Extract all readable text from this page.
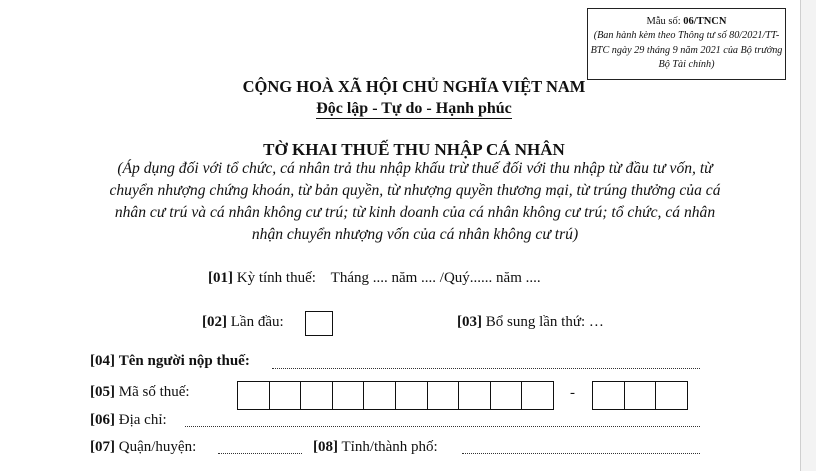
Mẫu số: 06/TNCN
(Ban hành kèm theo Thông tư số 80/2021/TT-BTC ngày 29 tháng 9 năm 2021 của Bộ trưởng Bộ Tài chính)
CỘNG HOÀ XÃ HỘI CHỦ NGHĨA VIỆT NAM
Độc lập - Tự do - Hạnh phúc
TỜ KHAI THUẾ THU NHẬP CÁ NHÂN
(Áp dụng đối với tổ chức, cá nhân trả thu nhập khấu trừ thuế đối với thu nhập từ đầu tư vốn, từ chuyển nhượng chứng khoán, từ bản quyền, từ nhượng quyền thương mại, từ trúng thưởng của cá nhân cư trú và cá nhân không cư trú; từ kinh doanh của cá nhân không cư trú; tổ chức, cá nhân nhận chuyển nhượng vốn của cá nhân không cư trú)
[01] Kỳ tính thuế: Tháng .... năm .... /Quý...... năm ....
[02] Lần đầu:	[03] Bổ sung lần thứ: …
[04] Tên người nộp thuế:
[05] Mã số thuế:	-
[06] Địa chỉ:
[07] Quận/huyện:	[08] Tỉnh/thành phố:
